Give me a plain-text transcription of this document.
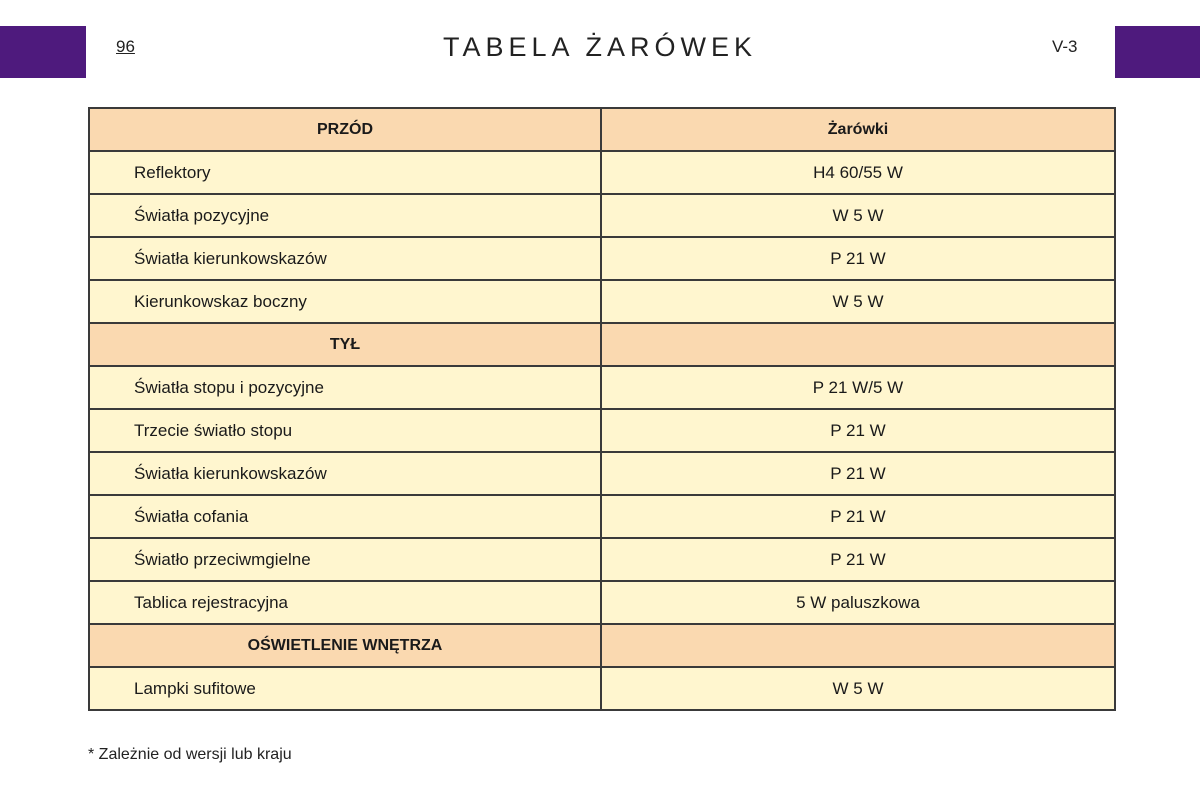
96	TABELA ŻARÓWEK	V-3
PRZÓD	Żarówki
Reflektory	H4 60/55 W
Światła pozycyjne	W 5 W
Światła kierunkowskazów	P 21 W
Kierunkowskaz boczny	W 5 W
TYŁ	
Światła stopu i pozycyjne	P 21 W/5 W
Trzecie światło stopu	P 21 W
Światła kierunkowskazów	P 21 W
Światła cofania	P 21 W
Światło przeciwmgielne	P 21 W
Tablica rejestracyjna	5 W paluszkowa
OŚWIETLENIE WNĘTRZA	
Lampki sufitowe	W 5 W
* Zależnie od wersji lub kraju
